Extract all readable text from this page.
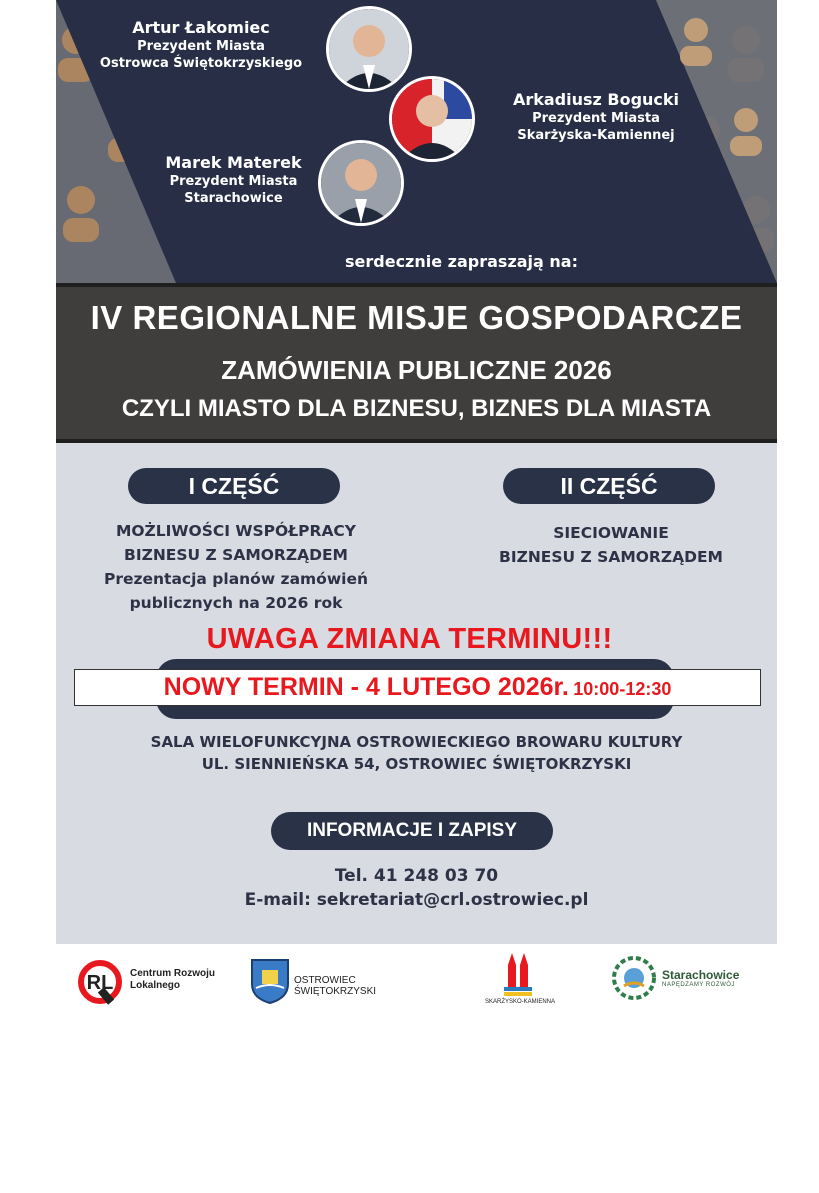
Artur Łakomiec
Prezydent Miasta
Ostrowca Świętokrzyskiego
Arkadiusz Bogucki
Prezydent Miasta
Skarżyska-Kamiennej
Marek Materek
Prezydent Miasta
Starachowice
serdecznie zapraszają na:
IV REGIONALNE MISJE GOSPODARCZE
ZAMÓWIENIA PUBLICZNE 2026
CZYLI MIASTO DLA BIZNESU, BIZNES DLA MIASTA
I CZĘŚĆ	II CZĘŚĆ
MOŻLIWOŚCI WSPÓŁPRACY
BIZNESU Z SAMORZĄDEM
Prezentacja planów zamówień
publicznych na 2026 rok
SIECIOWANIE
BIZNESU Z SAMORZĄDEM
SALA WIELOFUNKCYJNA OSTROWIECKIEGO BROWARU KULTURY
UL. SIENNIEŃSKA 54, OSTROWIEC ŚWIĘTOKRZYSKI
INFORMACJE I ZAPISY
Tel. 41 248 03 70
E-mail: sekretariat@crl.ostrowiec.pl
UWAGA ZMIANA TERMINU!!!
NOWY TERMIN - 4 LUTEGO 2026r. 10:00-12:30
RL Centrum Rozwoju
Lokalnego	OSTROWIEC ŚWIĘTOKRZYSKI
SKARŻYSKO-KAMIENNA
Starachowice
NAPĘDZAMY ROZWÓJ
